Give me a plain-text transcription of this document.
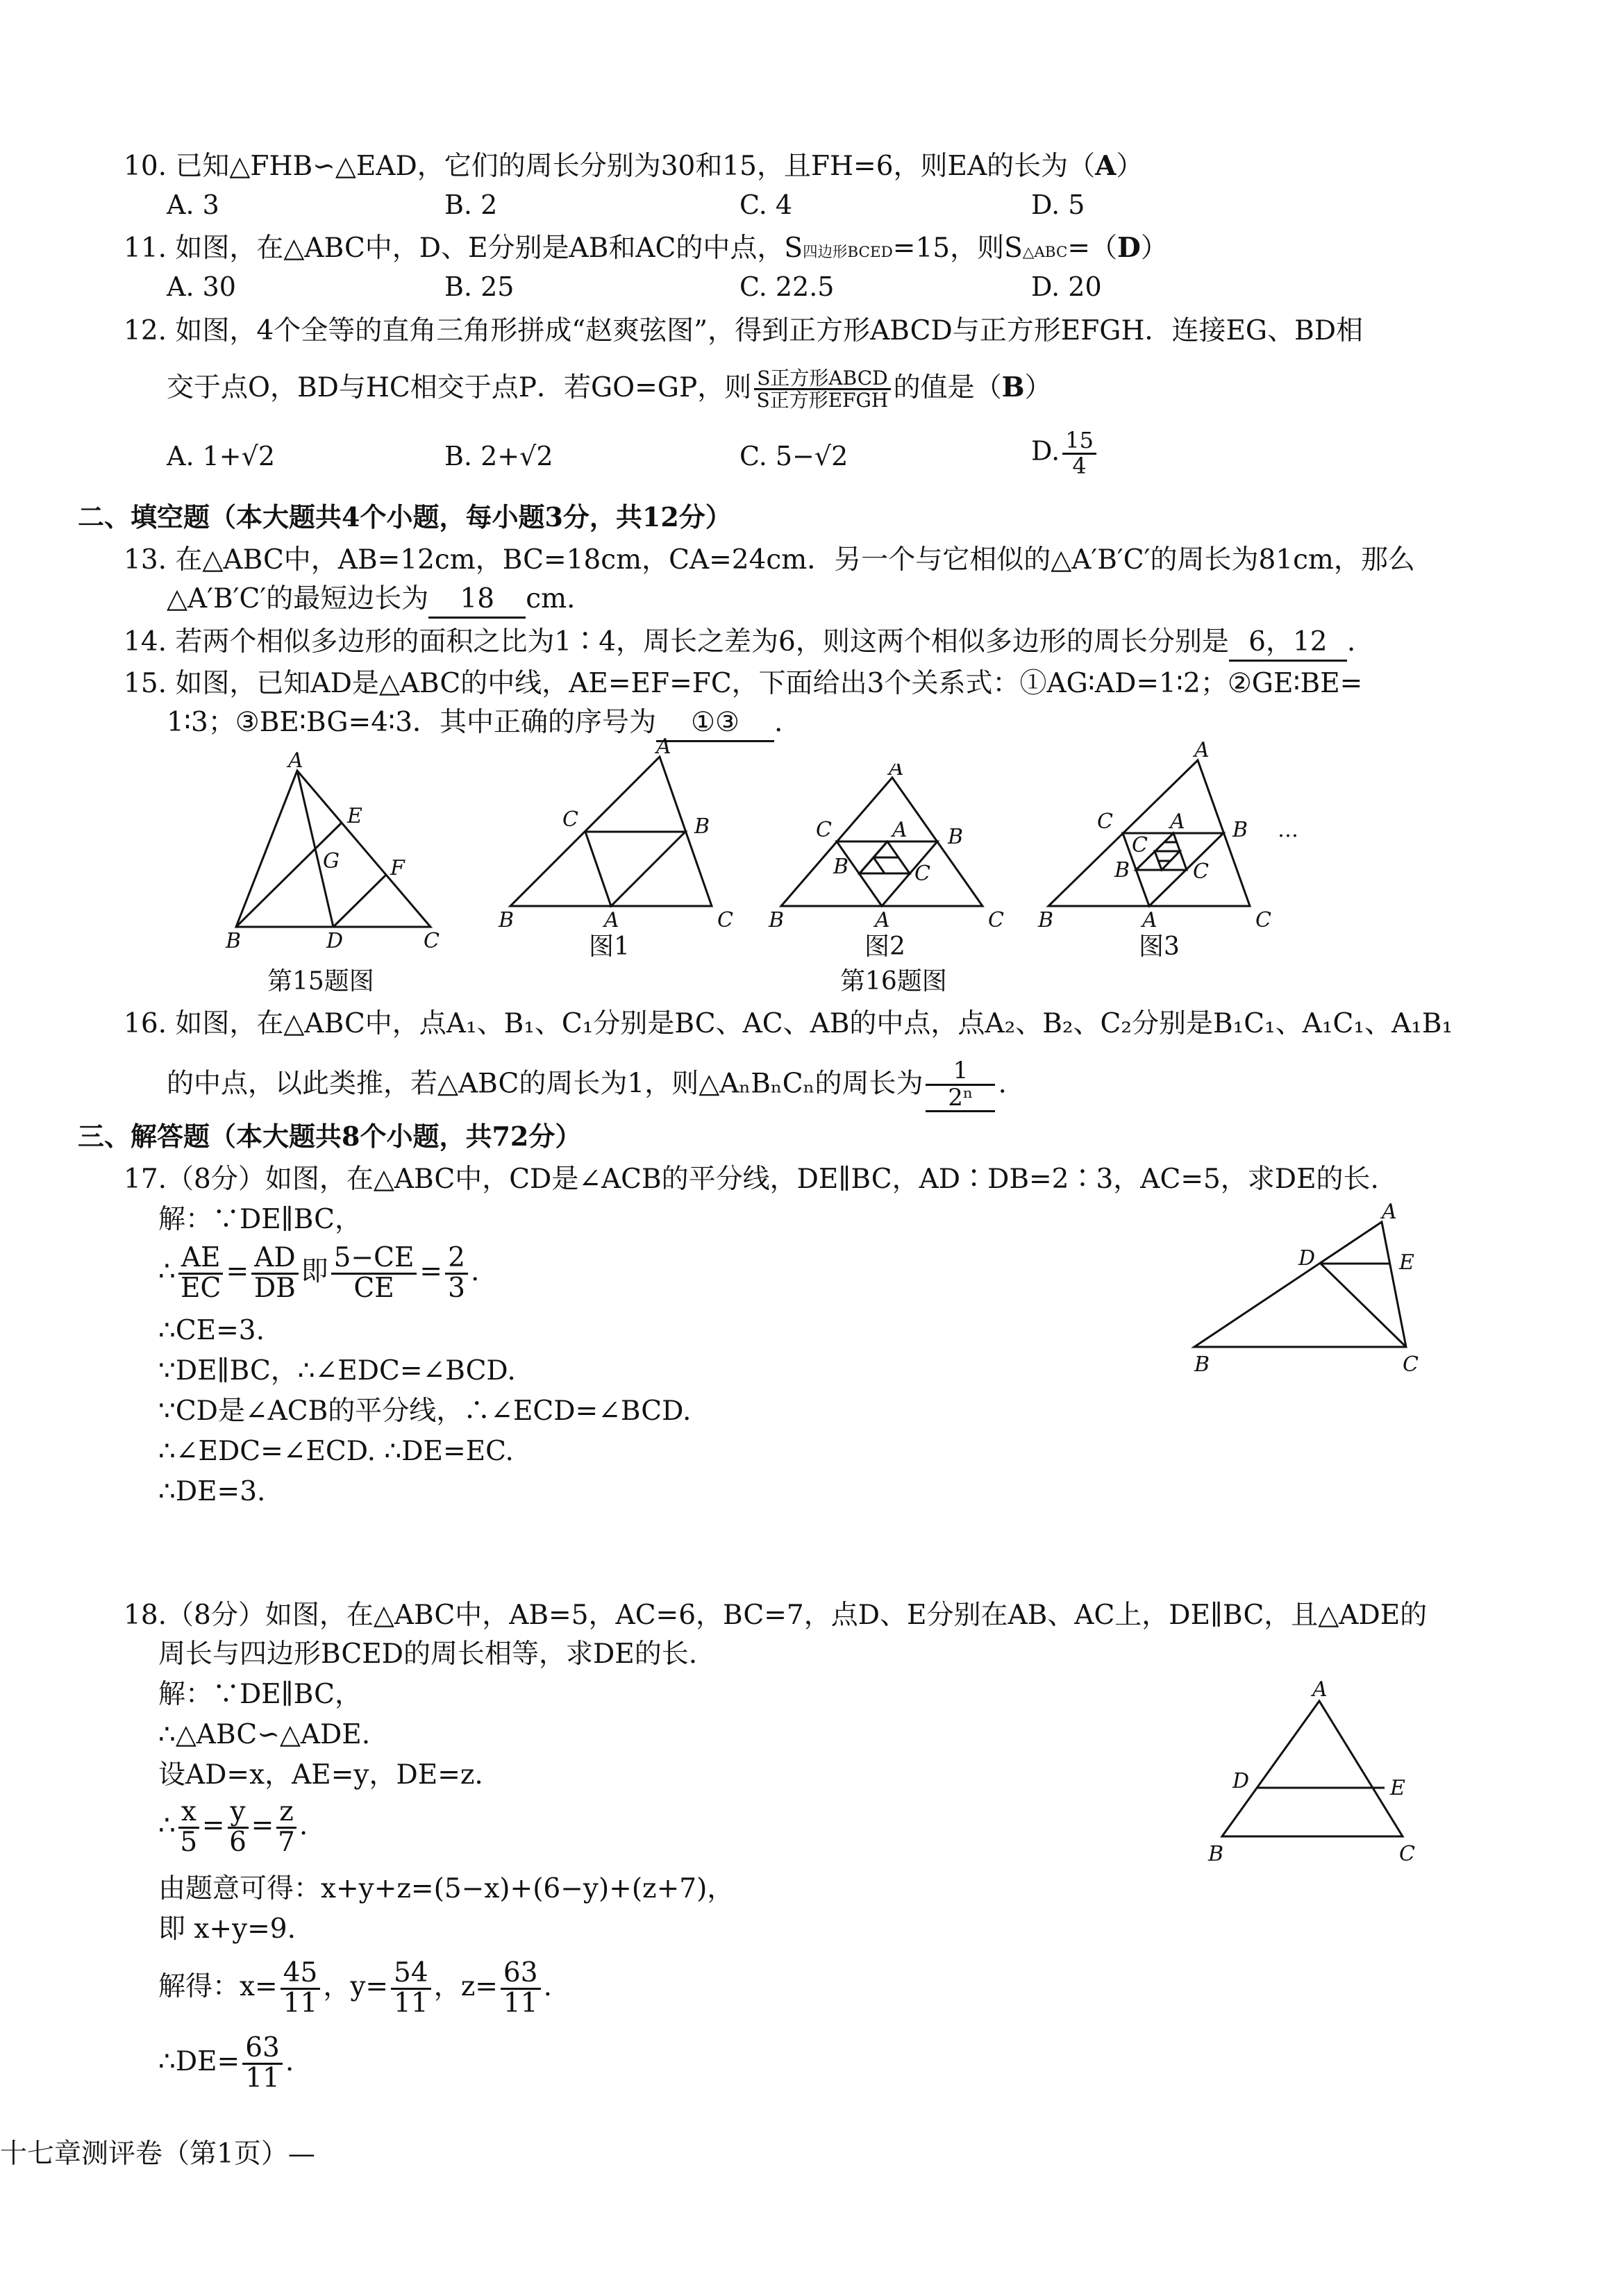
10. 已知△FHB∽△EAD，它们的周长分别为30和15，且FH=6，则EA的长为（A）
A. 3	B. 2	C. 4	D. 5
11. 如图，在△ABC中，D、E分别是AB和AC的中点，S四边形BCED=15，则S△ABC=（D）
A. 30	B. 25	C. 22.5	D. 20
12. 如图，4个全等的直角三角形拼成“赵爽弦图”，得到正方形ABCD与正方形EFGH．连接EG、BD相
交于点O，BD与HC相交于点P．若GO=GP，则 $\frac{\text{S正方形ABCD}}{\text{S正方形EFGH}}$ 的值是（B）
A. 1+√2	B. 2+√2	C. 5−√2	D. $\frac{15}{4}$
二、填空题（本大题共4个小题，每小题3分，共12分）
13. 在△ABC中，AB=12cm，BC=18cm，CA=24cm．另一个与它相似的△A′B′C′的周长为81cm，那么
△A′B′C′的最短边长为 18 cm.
14. 若两个相似多边形的面积之比为1∶4，周长之差为6，则这两个相似多边形的周长分别是 6，12 .
15. 如图，已知AD是△ABC的中线，AE=EF=FC，下面给出3个关系式：①AG∶AD=1∶2；②GE∶BE=
1∶3；③BE∶BG=4∶3．其中正确的序号为 ①③ .
A
E
G F
B	D	C
A
C	B
B	C
A
A
C	B
B	C
A
B	C
A
A
C	B
A
C
B	C
B	C
A
…
第15题图
图1	图2	图3
第16题图
16. 如图，在△ABC中，点A₁、B₁、C₁分别是BC、AC、AB的中点，点A₂、B₂、C₂分别是B₁C₁、A₁C₁、A₁B₁
的中点，以此类推，若△ABC的周长为1，则△AₙBₙCₙ的周长为 $\frac{1}{\text{2ⁿ}}$ .
三、解答题（本大题共8个小题，共72分）
17.（8分）如图，在△ABC中，CD是∠ACB的平分线，DE∥BC，AD∶DB=2∶3，AC=5，求DE的长.
解：∵DE∥BC，
∴ $\frac{AE}{EC} = \frac{AD}{DB}$ 即 $\frac{5-CE}{CE} = \frac{2}{3}$ .
∴CE=3.
∵DE∥BC，∴∠EDC=∠BCD.
∵CD是∠ACB的平分线，∴∠ECD=∠BCD.
∴∠EDC=∠ECD. ∴DE=EC.
∴DE=3.
A
D	E
B	C
18.（8分）如图，在△ABC中，AB=5，AC=6，BC=7，点D、E分别在AB、AC上，DE∥BC，且△ADE的
周长与四边形BCED的周长相等，求DE的长.
解：∵DE∥BC，
∴△ABC∽△ADE.
设AD=x，AE=y，DE=z.
∴ $\frac{x}{5} = \frac{y}{6} = \frac{z}{7}$ .
由题意可得：x+y+z=(5−x)+(6−y)+(z+7)，
即 x+y=9.
解得：$x= \frac{45}{11}$ ，$y= \frac{54}{11}$ ，$z= \frac{63}{11}$ .
∴DE= $\frac{63}{11}$ .
A
D	E
B	C
十七章测评卷（第1页）—
